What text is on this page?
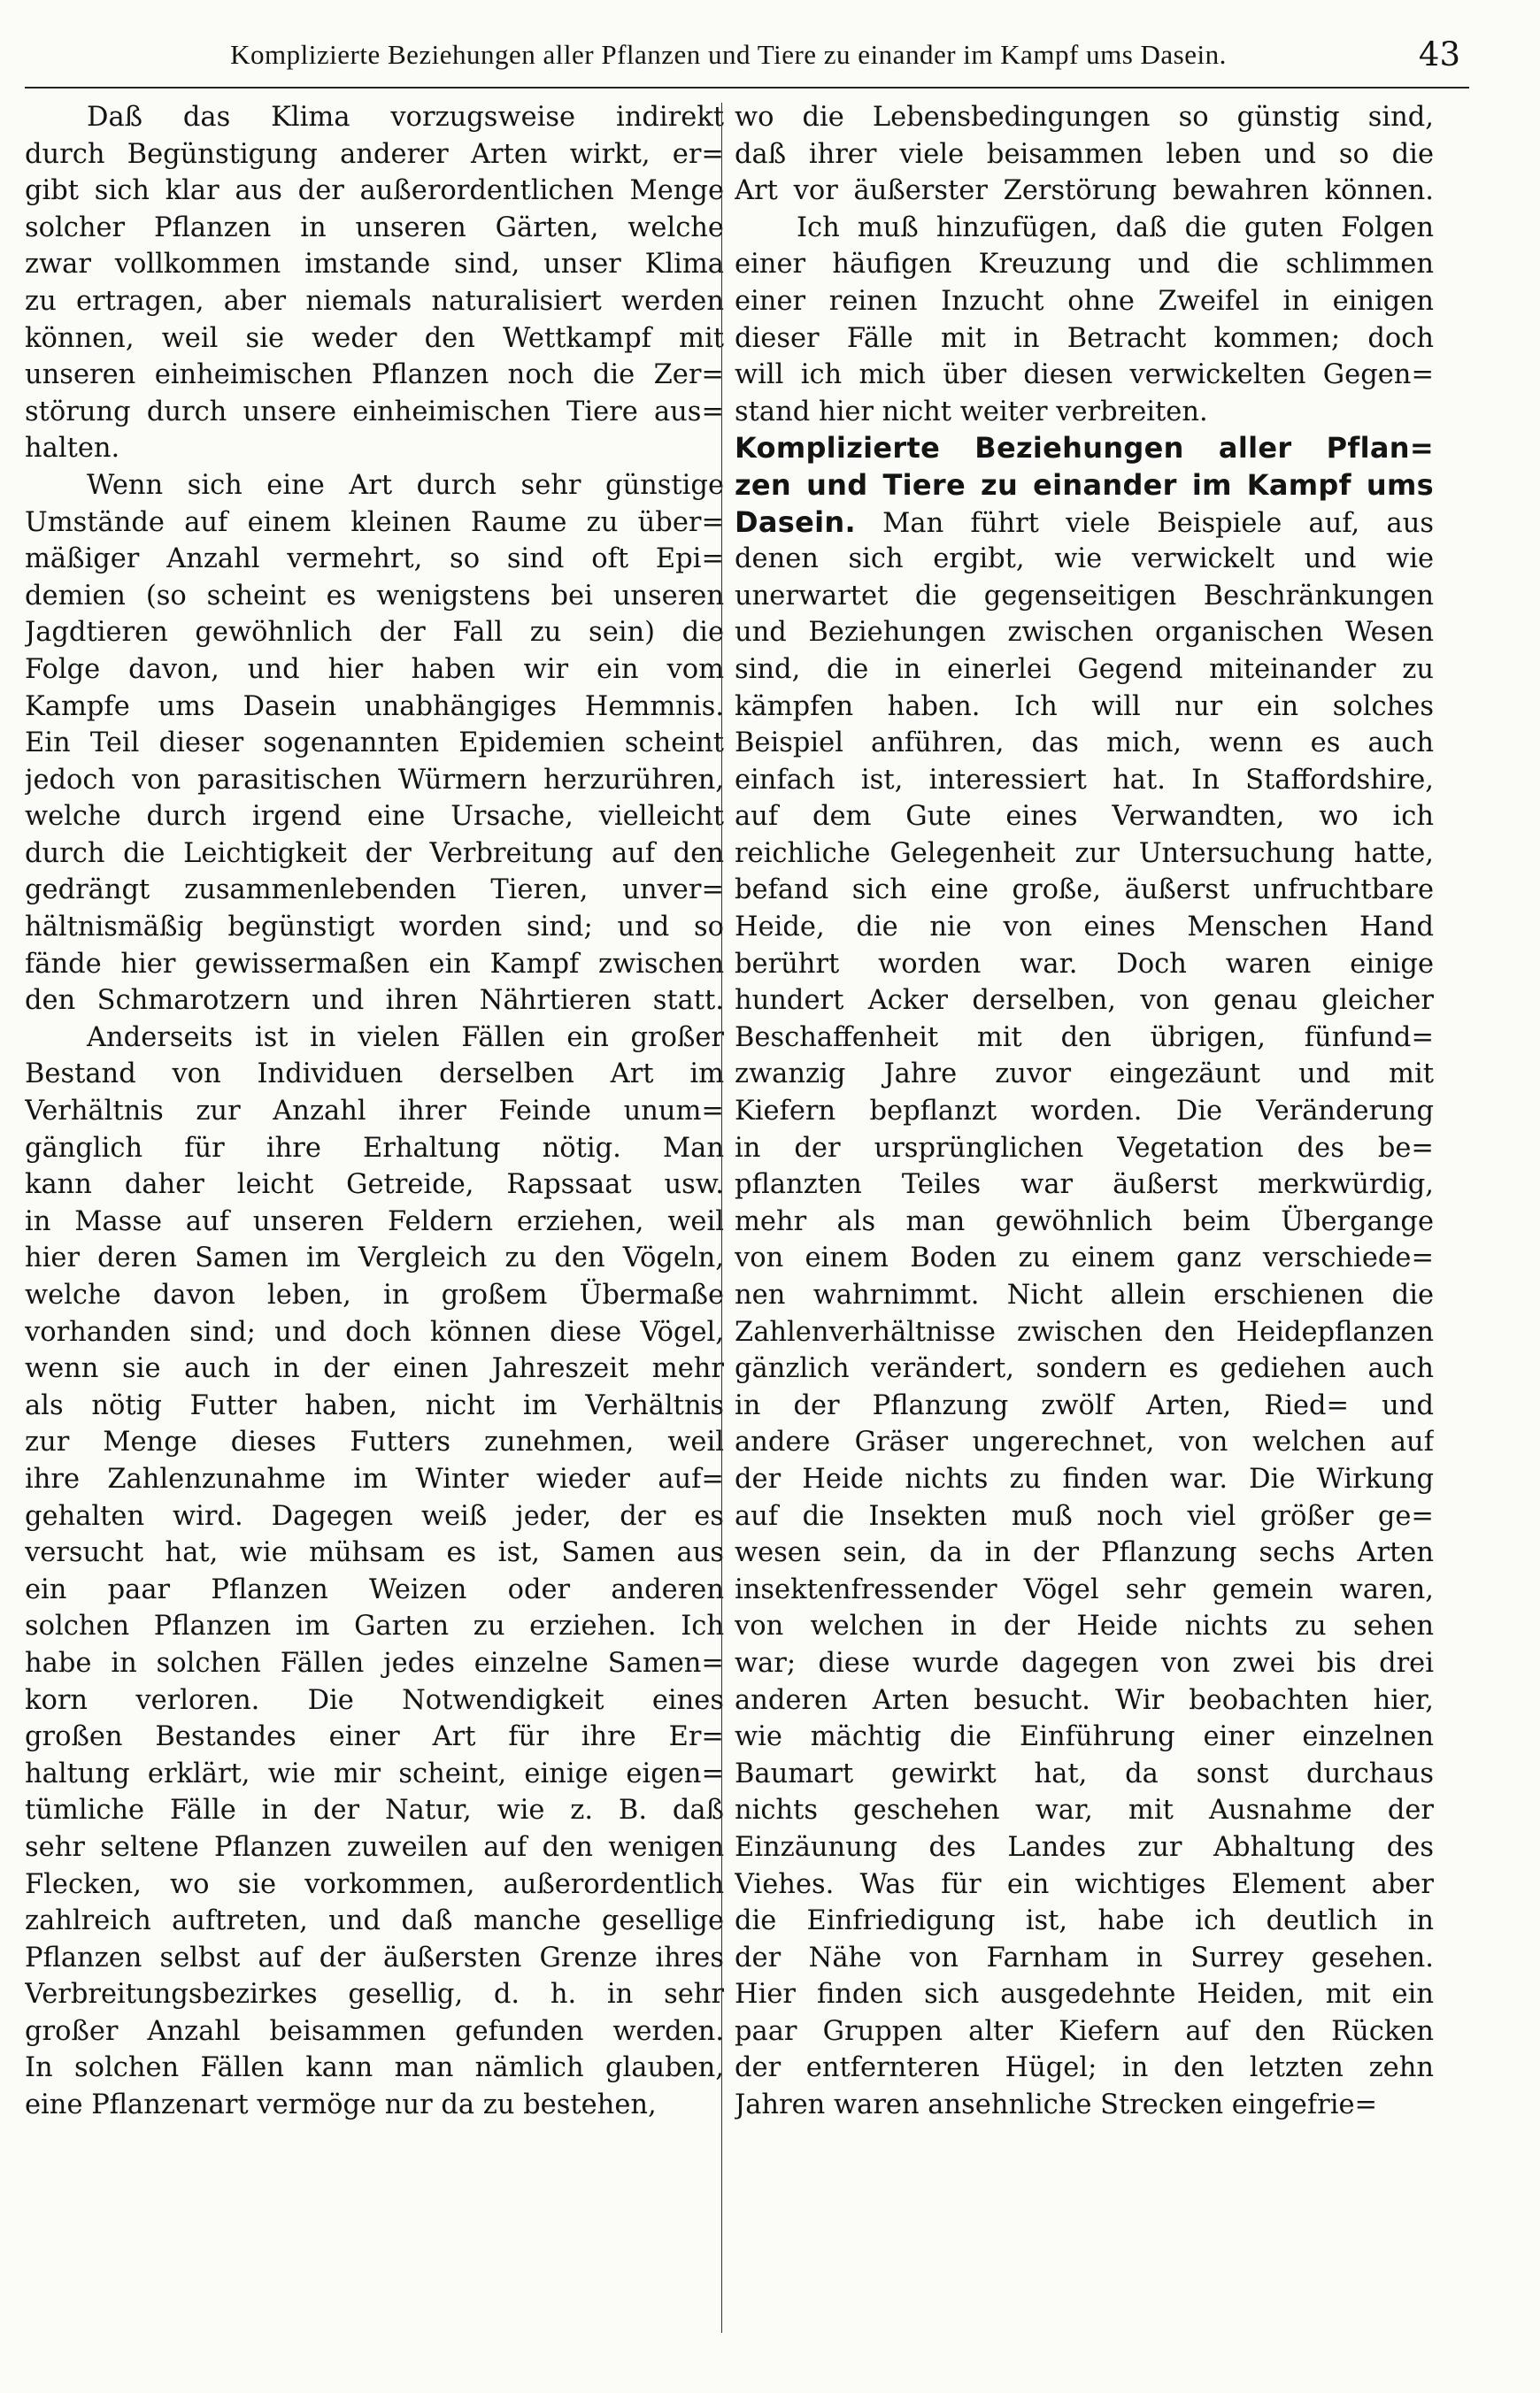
Komplizierte Beziehungen aller Pflanzen und Tiere zu einander im Kampf ums Dasein.	43
Daß das Klima vorzugsweise indirekt
durch Begünstigung anderer Arten wirkt, er=
gibt sich klar aus der außerordentlichen Menge
solcher Pflanzen in unseren Gärten, welche
zwar vollkommen imstande sind, unser Klima
zu ertragen, aber niemals naturalisiert werden
können, weil sie weder den Wettkampf mit
unseren einheimischen Pflanzen noch die Zer=
störung durch unsere einheimischen Tiere aus=
halten.
Wenn sich eine Art durch sehr günstige
Umstände auf einem kleinen Raume zu über=
mäßiger Anzahl vermehrt, so sind oft Epi=
demien (so scheint es wenigstens bei unseren
Jagdtieren gewöhnlich der Fall zu sein) die
Folge davon, und hier haben wir ein vom
Kampfe ums Dasein unabhängiges Hemmnis.
Ein Teil dieser sogenannten Epidemien scheint
jedoch von parasitischen Würmern herzurühren,
welche durch irgend eine Ursache, vielleicht
durch die Leichtigkeit der Verbreitung auf den
gedrängt zusammenlebenden Tieren, unver=
hältnismäßig begünstigt worden sind; und so
fände hier gewissermaßen ein Kampf zwischen
den Schmarotzern und ihren Nährtieren statt.
Anderseits ist in vielen Fällen ein großer
Bestand von Individuen derselben Art im
Verhältnis zur Anzahl ihrer Feinde unum=
gänglich für ihre Erhaltung nötig. Man
kann daher leicht Getreide, Rapssaat usw.
in Masse auf unseren Feldern erziehen, weil
hier deren Samen im Vergleich zu den Vögeln,
welche davon leben, in großem Übermaße
vorhanden sind; und doch können diese Vögel,
wenn sie auch in der einen Jahreszeit mehr
als nötig Futter haben, nicht im Verhältnis
zur Menge dieses Futters zunehmen, weil
ihre Zahlenzunahme im Winter wieder auf=
gehalten wird. Dagegen weiß jeder, der es
versucht hat, wie mühsam es ist, Samen aus
ein paar Pflanzen Weizen oder anderen
solchen Pflanzen im Garten zu erziehen. Ich
habe in solchen Fällen jedes einzelne Samen=
korn verloren. Die Notwendigkeit eines
großen Bestandes einer Art für ihre Er=
haltung erklärt, wie mir scheint, einige eigen=
tümliche Fälle in der Natur, wie z. B. daß
sehr seltene Pflanzen zuweilen auf den wenigen
Flecken, wo sie vorkommen, außerordentlich
zahlreich auftreten, und daß manche gesellige
Pflanzen selbst auf der äußersten Grenze ihres
Verbreitungsbezirkes gesellig, d. h. in sehr
großer Anzahl beisammen gefunden werden.
In solchen Fällen kann man nämlich glauben,
eine Pflanzenart vermöge nur da zu bestehen,
wo die Lebensbedingungen so günstig sind,
daß ihrer viele beisammen leben und so die
Art vor äußerster Zerstörung bewahren können.
Ich muß hinzufügen, daß die guten Folgen
einer häufigen Kreuzung und die schlimmen
einer reinen Inzucht ohne Zweifel in einigen
dieser Fälle mit in Betracht kommen; doch
will ich mich über diesen verwickelten Gegen=
stand hier nicht weiter verbreiten.
Komplizierte Beziehungen aller Pflan=
zen und Tiere zu einander im Kampf ums
Dasein. Man führt viele Beispiele auf, aus
denen sich ergibt, wie verwickelt und wie
unerwartet die gegenseitigen Beschränkungen
und Beziehungen zwischen organischen Wesen
sind, die in einerlei Gegend miteinander zu
kämpfen haben. Ich will nur ein solches
Beispiel anführen, das mich, wenn es auch
einfach ist, interessiert hat. In Staffordshire,
auf dem Gute eines Verwandten, wo ich
reichliche Gelegenheit zur Untersuchung hatte,
befand sich eine große, äußerst unfruchtbare
Heide, die nie von eines Menschen Hand
berührt worden war. Doch waren einige
hundert Acker derselben, von genau gleicher
Beschaffenheit mit den übrigen, fünfund=
zwanzig Jahre zuvor eingezäunt und mit
Kiefern bepflanzt worden. Die Veränderung
in der ursprünglichen Vegetation des be=
pflanzten Teiles war äußerst merkwürdig,
mehr als man gewöhnlich beim Übergange
von einem Boden zu einem ganz verschiede=
nen wahrnimmt. Nicht allein erschienen die
Zahlenverhältnisse zwischen den Heidepflanzen
gänzlich verändert, sondern es gediehen auch
in der Pflanzung zwölf Arten, Ried= und
andere Gräser ungerechnet, von welchen auf
der Heide nichts zu finden war. Die Wirkung
auf die Insekten muß noch viel größer ge=
wesen sein, da in der Pflanzung sechs Arten
insektenfressender Vögel sehr gemein waren,
von welchen in der Heide nichts zu sehen
war; diese wurde dagegen von zwei bis drei
anderen Arten besucht. Wir beobachten hier,
wie mächtig die Einführung einer einzelnen
Baumart gewirkt hat, da sonst durchaus
nichts geschehen war, mit Ausnahme der
Einzäunung des Landes zur Abhaltung des
Viehes. Was für ein wichtiges Element aber
die Einfriedigung ist, habe ich deutlich in
der Nähe von Farnham in Surrey gesehen.
Hier finden sich ausgedehnte Heiden, mit ein
paar Gruppen alter Kiefern auf den Rücken
der entfernteren Hügel; in den letzten zehn
Jahren waren ansehnliche Strecken eingefrie=
